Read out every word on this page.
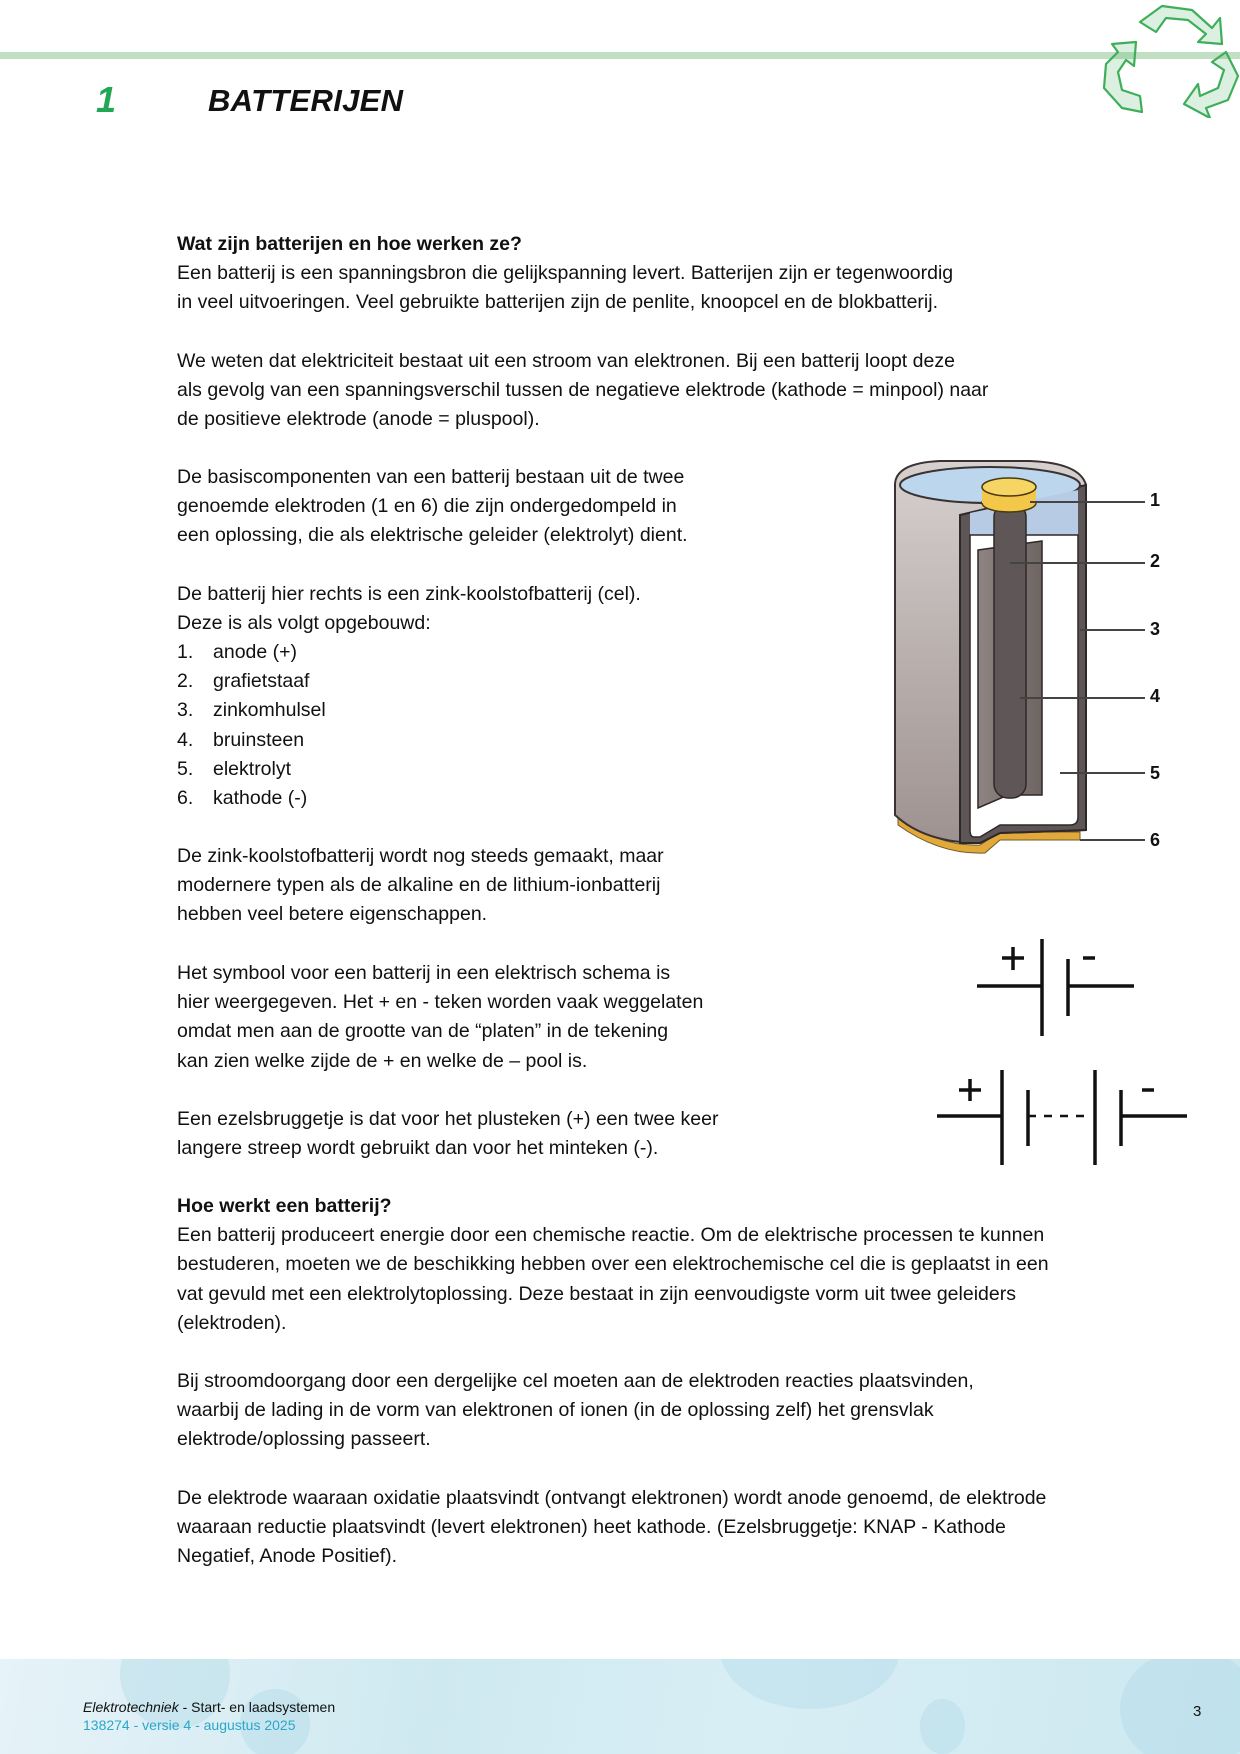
1	BATTERIJEN
Wat zijn batterijen en hoe werken ze?
Een batterij is een spanningsbron die gelijkspanning levert. Batterijen zijn er tegenwoordig
in veel uitvoeringen. Veel gebruikte batterijen zijn de penlite, knoopcel en de blokbatterij.
We weten dat elektriciteit bestaat uit een stroom van elektronen. Bij een batterij loopt deze
als gevolg van een spanningsverschil tussen de negatieve elektrode (kathode = minpool) naar
de positieve elektrode (anode = pluspool).
De basiscomponenten van een batterij bestaan uit de twee
genoemde elektroden (1 en 6) die zijn ondergedompeld in
een oplossing, die als elektrische geleider (elektrolyt) dient.
De batterij hier rechts is een zink-koolstofbatterij (cel).
Deze is als volgt opgebouwd:
1.	anode (+)
2.	grafietstaaf
3.	zinkomhulsel
4.	bruinsteen
5.	elektrolyt
6.	kathode (-)
De zink-koolstofbatterij wordt nog steeds gemaakt, maar
modernere typen als de alkaline en de lithium-ionbatterij
hebben veel betere eigenschappen.
Het symbool voor een batterij in een elektrisch schema is
hier weergegeven. Het + en - teken worden vaak weggelaten
omdat men aan de grootte van de “platen” in de tekening
kan zien welke zijde de + en welke de – pool is.
Een ezelsbruggetje is dat voor het plusteken (+) een twee keer
langere streep wordt gebruikt dan voor het minteken (-).
1
2
3
4
5
6
Hoe werkt een batterij?
Een batterij produceert energie door een chemische reactie. Om de elektrische processen te kunnen
bestuderen, moeten we de beschikking hebben over een elektrochemische cel die is geplaatst in een
vat gevuld met een elektrolytoplossing. Deze bestaat in zijn eenvoudigste vorm uit twee geleiders
(elektroden).
Bij stroomdoorgang door een dergelijke cel moeten aan de elektroden reacties plaatsvinden,
waarbij de lading in de vorm van elektronen of ionen (in de oplossing zelf) het grensvlak
elektrode/oplossing passeert.
De elektrode waaraan oxidatie plaatsvindt (ontvangt elektronen) wordt anode genoemd, de elektrode
waaraan reductie plaatsvindt (levert elektronen) heet kathode. (Ezelsbruggetje: KNAP - Kathode
Negatief, Anode Positief).
Elektrotechniek - Start- en laadsystemen
138274 - versie 4 - augustus 2025
3
